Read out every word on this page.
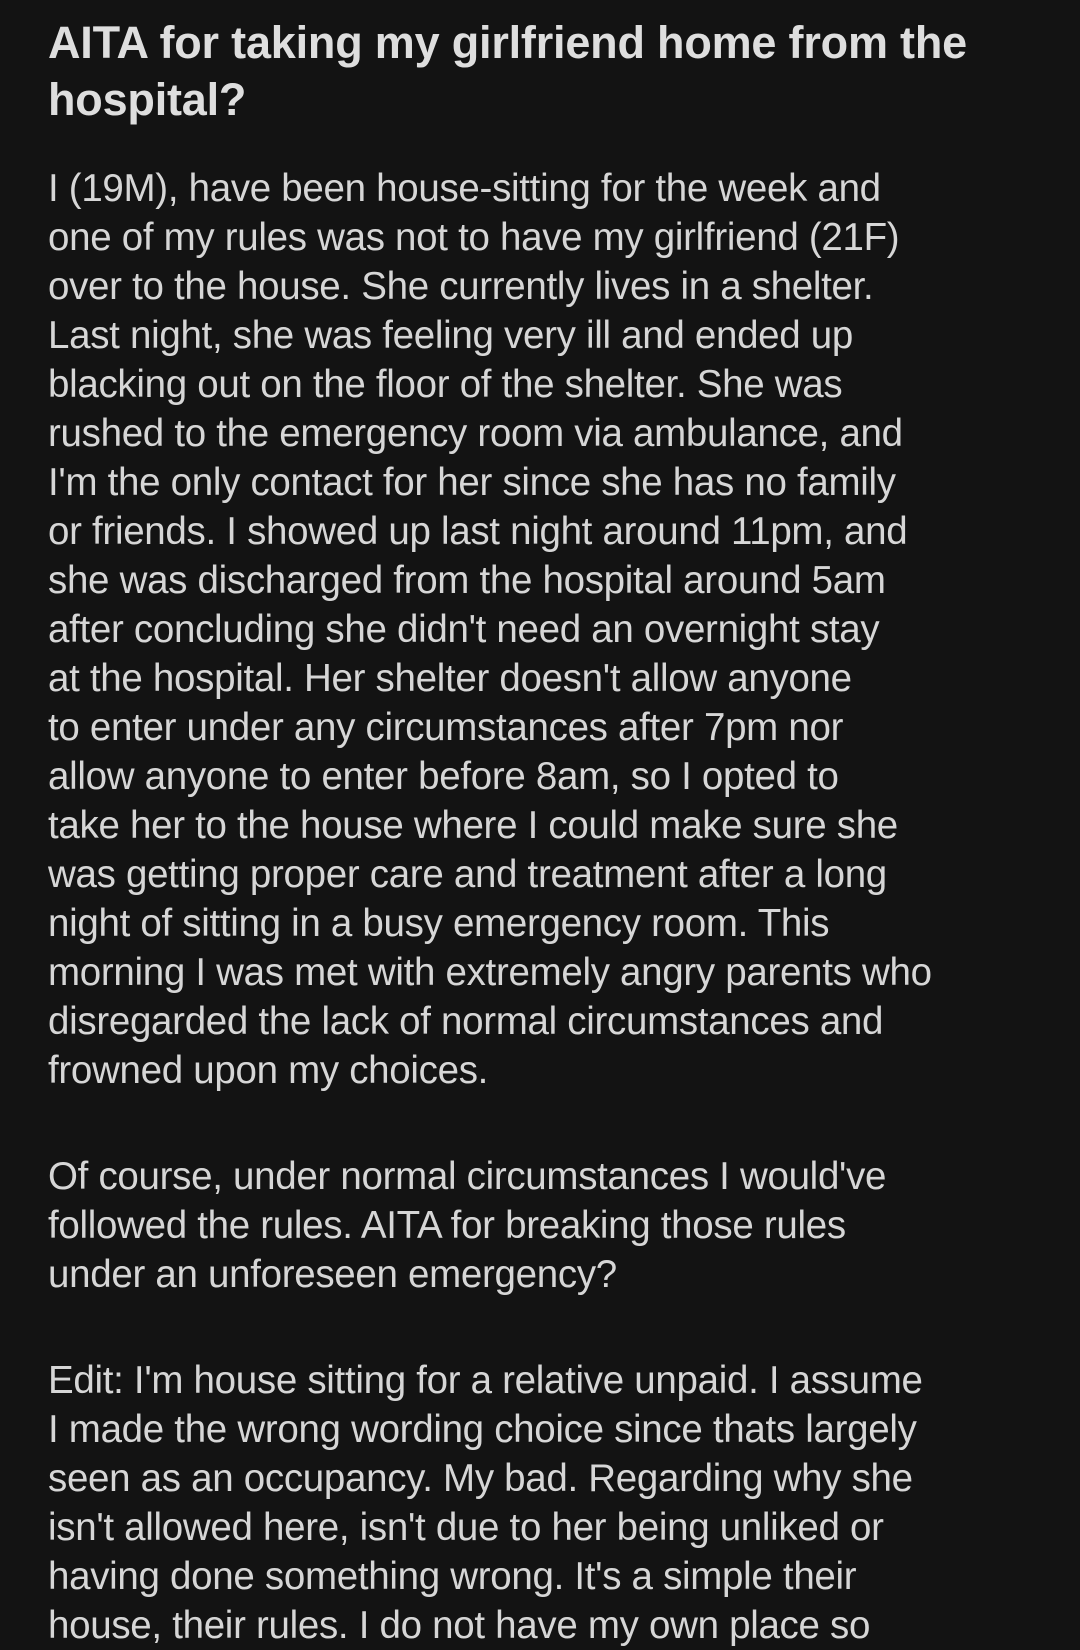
AITA for taking my girlfriend home from the
hospital?

I (19M), have been house-sitting for the week and
one of my rules was not to have my girlfriend (21F)
over to the house. She currently lives in a shelter.
Last night, she was feeling very ill and ended up
blacking out on the floor of the shelter. She was
rushed to the emergency room via ambulance, and
I'm the only contact for her since she has no family
or friends. I showed up last night around 11pm, and
she was discharged from the hospital around 5am
after concluding she didn't need an overnight stay
at the hospital. Her shelter doesn't allow anyone
to enter under any circumstances after 7pm nor
allow anyone to enter before 8am, so I opted to
take her to the house where I could make sure she
was getting proper care and treatment after a long
night of sitting in a busy emergency room. This
morning I was met with extremely angry parents who
disregarded the lack of normal circumstances and
frowned upon my choices.

Of course, under normal circumstances I would've
followed the rules. AITA for breaking those rules
under an unforeseen emergency?

Edit: I'm house sitting for a relative unpaid. I assume
I made the wrong wording choice since thats largely
seen as an occupancy. My bad. Regarding why she
isn't allowed here, isn't due to her being unliked or
having done something wrong. It's a simple their
house, their rules. I do not have my own place so
